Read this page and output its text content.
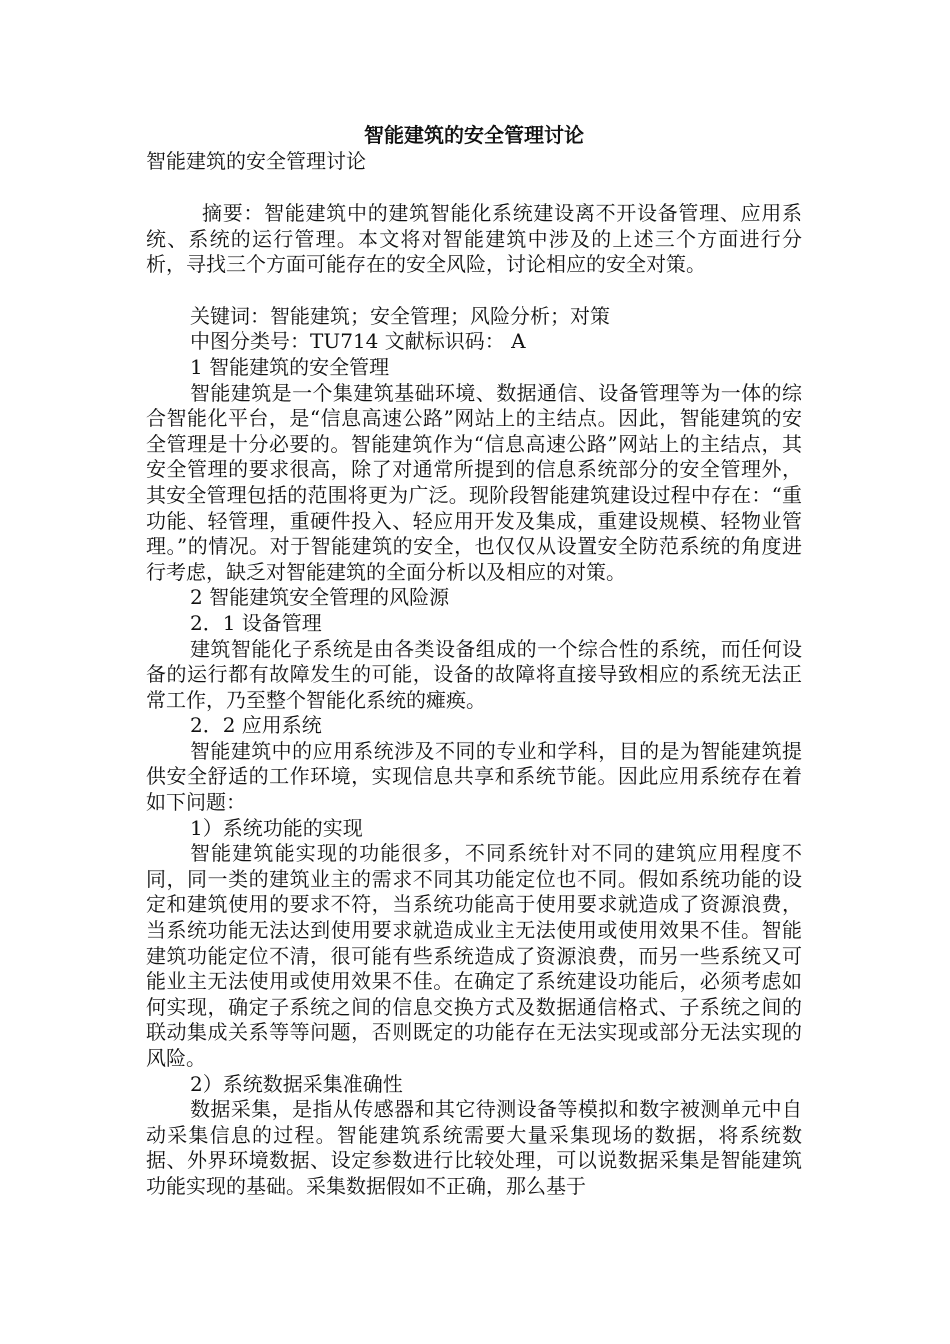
智能建筑的安全管理讨论
智能建筑的安全管理讨论

摘要：智能建筑中的建筑智能化系统建设离不开设备管理、应用系统、系统的运行管理。本文将对智能建筑中涉及的上述三个方面进行分析，寻找三个方面可能存在的安全风险，讨论相应的安全对策。

关键词：智能建筑；安全管理；风险分析；对策
中图分类号：TU714 文献标识码： A
1 智能建筑的安全管理

智能建筑是一个集建筑基础环境、数据通信、设备管理等为一体的综合智能化平台，是“信息高速公路”网站上的主结点。因此，智能建筑的安全管理是十分必要的。智能建筑作为“信息高速公路”网站上的主结点，其安全管理的要求很高，除了对通常所提到的信息系统部分的安全管理外，其安全管理包括的范围将更为广泛。现阶段智能建筑建设过程中存在：“重功能、轻管理，重硬件投入、轻应用开发及集成，重建设规模、轻物业管理。”的情况。对于智能建筑的安全，也仅仅从设置安全防范系统的角度进行考虑，缺乏对智能建筑的全面分析以及相应的对策。

2 智能建筑安全管理的风险源
2．1 设备管理

建筑智能化子系统是由各类设备组成的一个综合性的系统，而任何设备的运行都有故障发生的可能，设备的故障将直接导致相应的系统无法正常工作，乃至整个智能化系统的瘫痪。

2．2 应用系统

智能建筑中的应用系统涉及不同的专业和学科，目的是为智能建筑提供安全舒适的工作环境，实现信息共享和系统节能。因此应用系统存在着如下问题：

1）系统功能的实现

智能建筑能实现的功能很多，不同系统针对不同的建筑应用程度不同，同一类的建筑业主的需求不同其功能定位也不同。假如系统功能的设定和建筑使用的要求不符，当系统功能高于使用要求就造成了资源浪费，当系统功能无法达到使用要求就造成业主无法使用或使用效果不佳。智能建筑功能定位不清，很可能有些系统造成了资源浪费，而另一些系统又可能业主无法使用或使用效果不佳。在确定了系统建设功能后，必须考虑如何实现，确定子系统之间的信息交换方式及数据通信格式、子系统之间的联动集成关系等等问题，否则既定的功能存在无法实现或部分无法实现的风险。

2）系统数据采集准确性

数据采集，是指从传感器和其它待测设备等模拟和数字被测单元中自动采集信息的过程。智能建筑系统需要大量采集现场的数据，将系统数据、外界环境数据、设定参数进行比较处理，可以说数据采集是智能建筑功能实现的基础。采集数据假如不正确，那么基于
